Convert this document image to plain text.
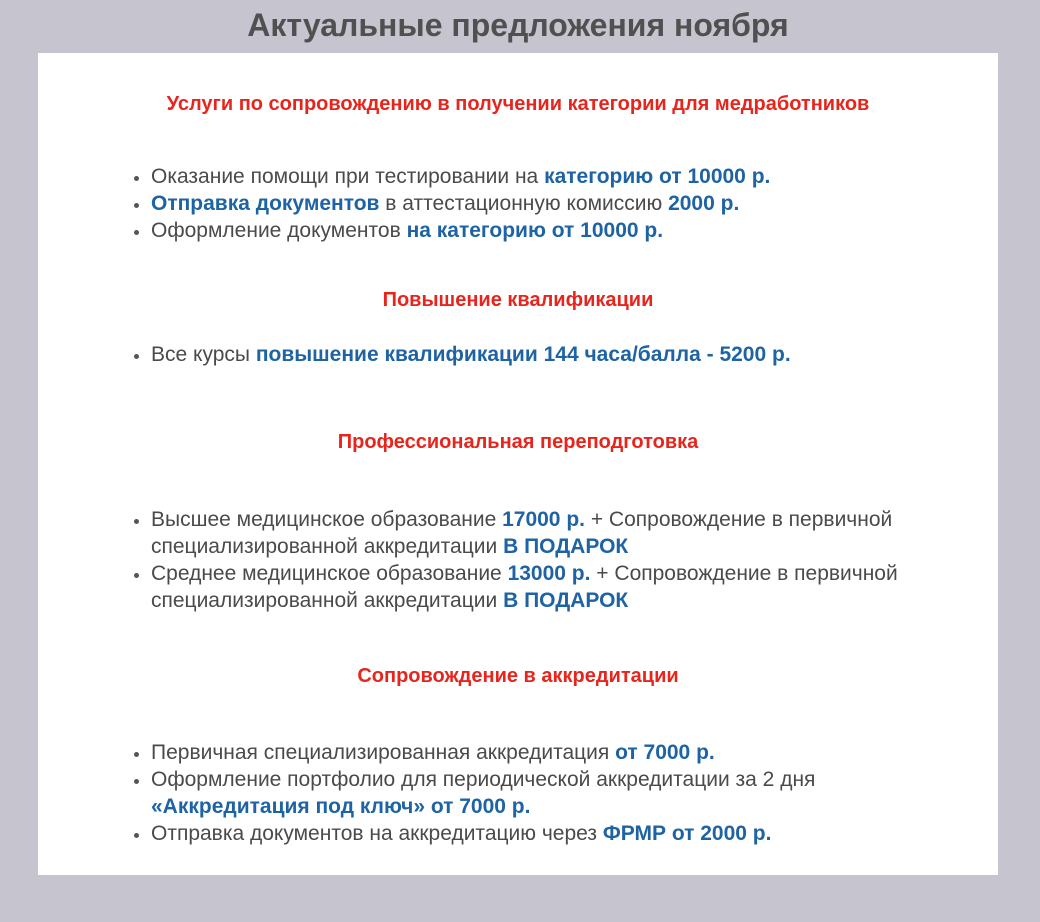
Актуальные предложения ноября
Услуги по сопровождению в получении категории для медработников
Оказание помощи при тестировании на категорию от 10000 р.
Отправка документов в аттестационную комиссию 2000 р.
Оформление документов на категорию от 10000 р.
Повышение квалификации
Все курсы повышение квалификации 144 часа/балла - 5200 р.
Профессиональная переподготовка
Высшее медицинское образование 17000 р. + Сопровождение в первичной специализированной аккредитации В ПОДАРОК
Среднее медицинское образование 13000 р. + Сопровождение в первичной специализированной аккредитации В ПОДАРОК
Сопровождение в аккредитации
Первичная специализированная аккредитация от 7000 р.
Оформление портфолио для периодической аккредитации за 2 дня «Аккредитация под ключ» от 7000 р.
Отправка документов на аккредитацию через ФРМР от 2000 р.
